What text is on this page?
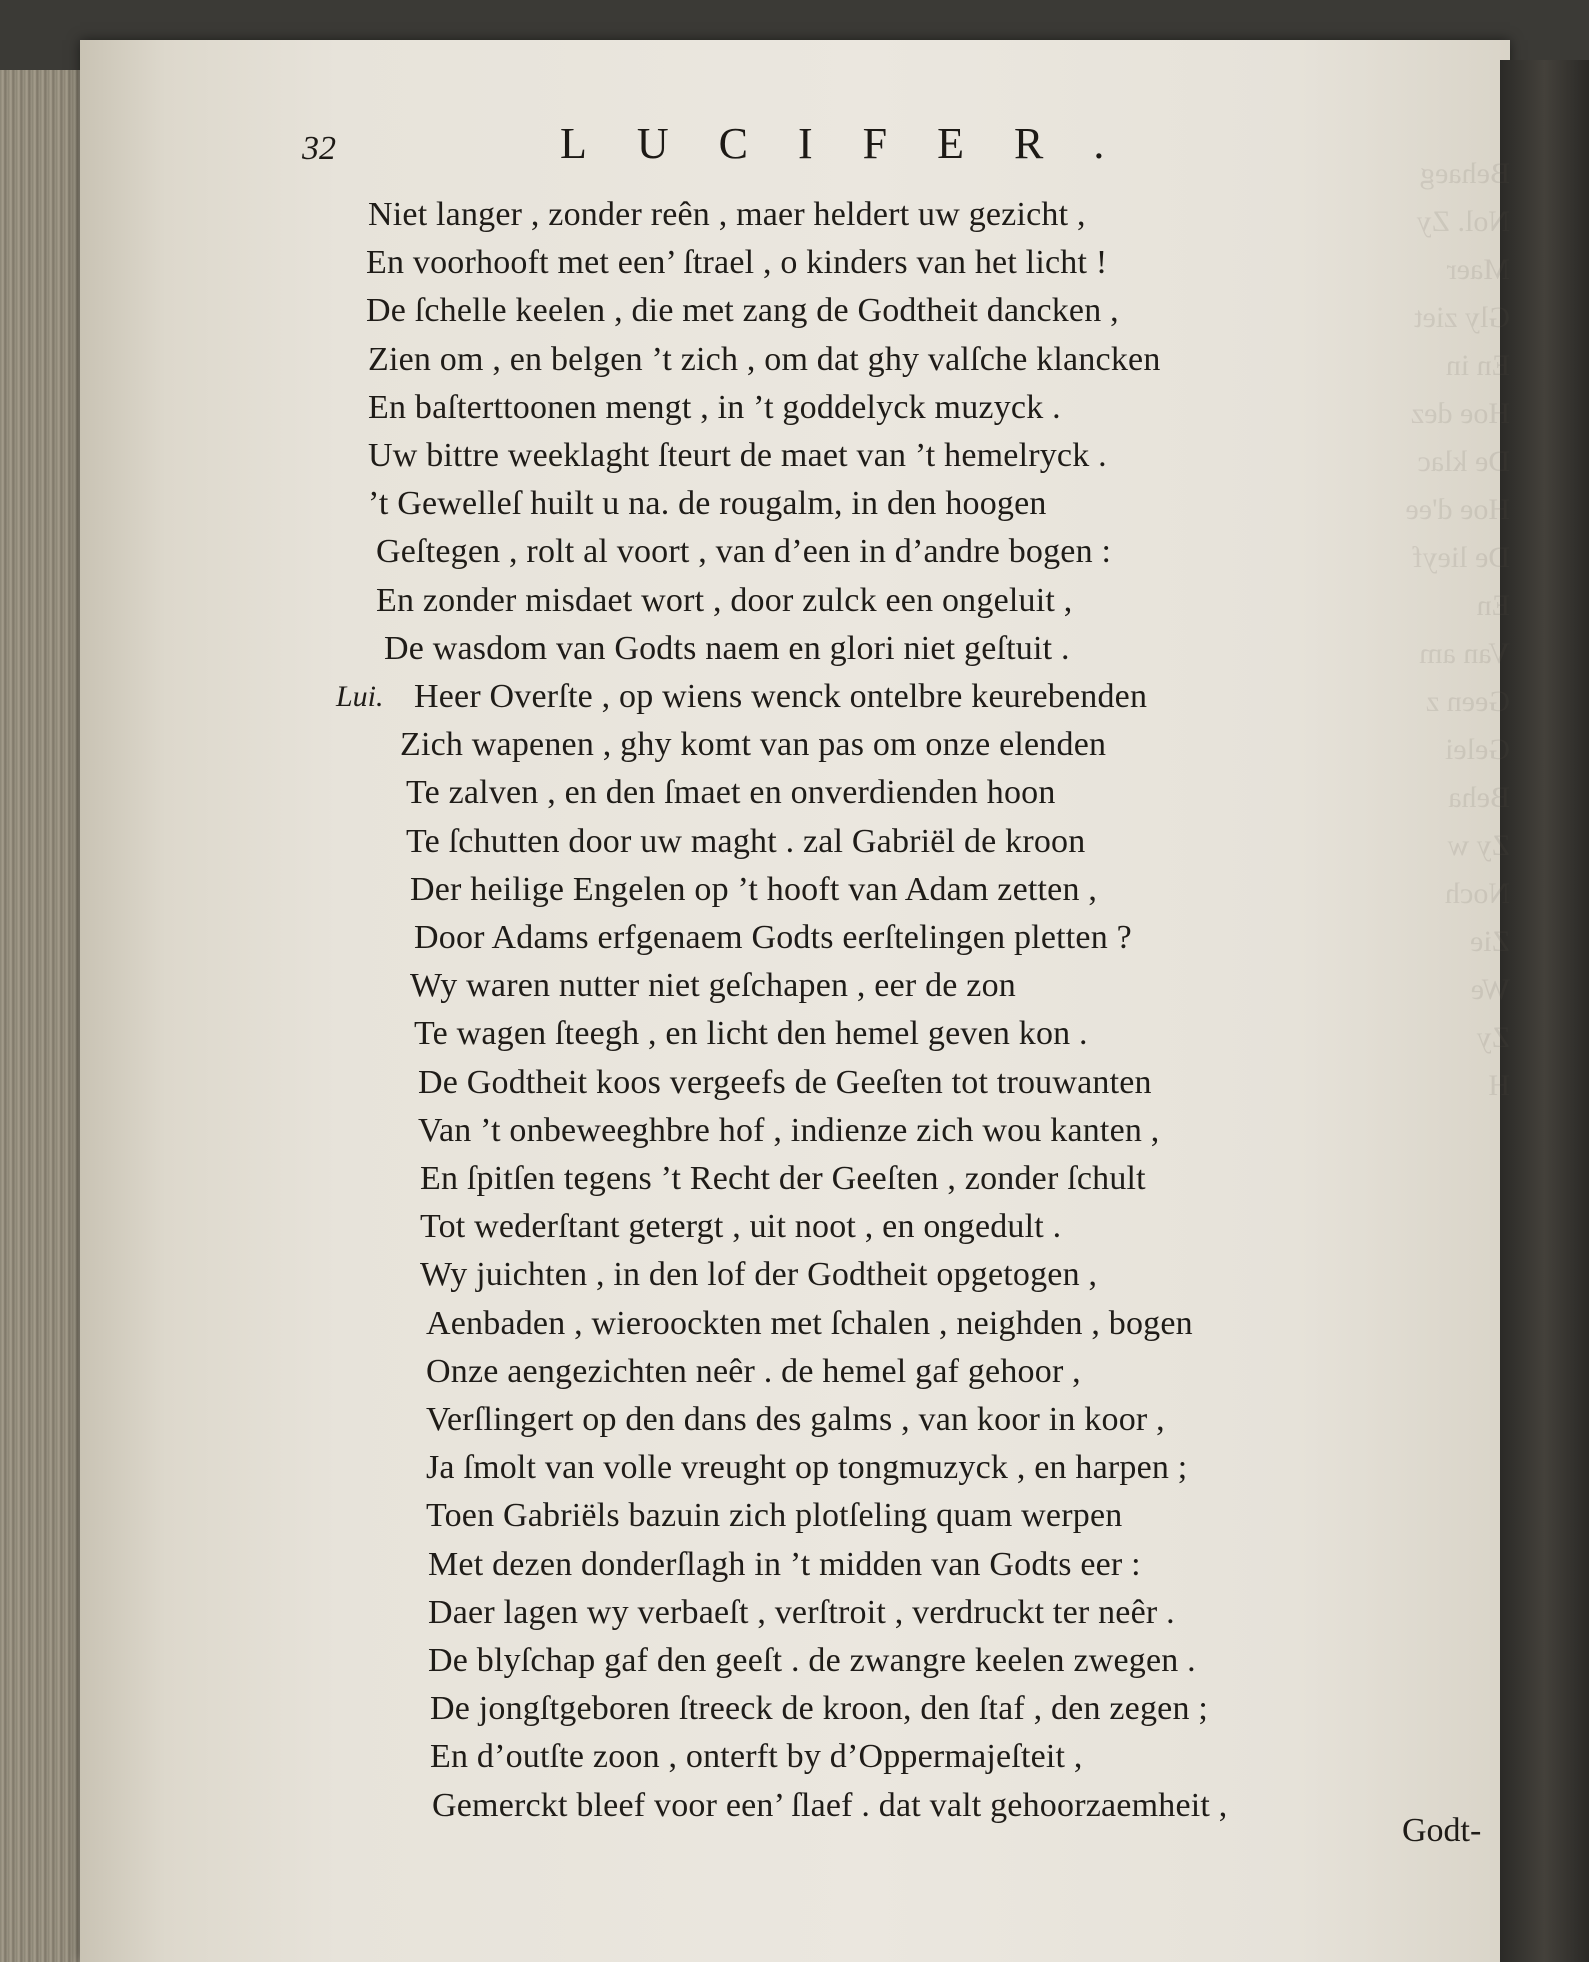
Behaeg
Nol. Zy
Maer
Gly ziet
En in
Hoe dez
De klac
Hoe d'ee
De lieyf
En
Van am
Geen z
Gelei
Beha
Zy w
Noch
Zie
We
Zy
H
32	LUCIFER.
Lui.
Niet langer , zonder reên , maer heldert uw gezicht ,
En voorhooft met een’ ſtrael , o kinders van het licht !
De ſchelle keelen , die met zang de Godtheit dancken ,
Zien om , en belgen ’t zich , om dat ghy valſche klancken
En baſterttoonen mengt , in ’t goddelyck muzyck .
Uw bittre weeklaght ſteurt de maet van ’t hemelryck .
’t Gewelleſ huilt u na. de rougalm, in den hoogen
Geſtegen , rolt al voort , van d’een in d’andre bogen :
En zonder misdaet wort , door zulck een ongeluit ,
De wasdom van Godts naem en glori niet geſtuit .
Heer Overſte , op wiens wenck ontelbre keurebenden
Zich wapenen , ghy komt van pas om onze elenden
Te zalven , en den ſmaet en onverdienden hoon
Te ſchutten door uw maght . zal Gabriël de kroon
Der heilige Engelen op ’t hooft van Adam zetten ,
Door Adams erfgenaem Godts eerſtelingen pletten ?
Wy waren nutter niet geſchapen , eer de zon
Te wagen ſteegh , en licht den hemel geven kon .
De Godtheit koos vergeefs de Geeſten tot trouwanten
Van ’t onbeweeghbre hof , indienze zich wou kanten ,
En ſpitſen tegens ’t Recht der Geeſten , zonder ſchult
Tot wederſtant getergt , uit noot , en ongedult .
Wy juichten , in den lof der Godtheit opgetogen ,
Aenbaden , wieroockten met ſchalen , neighden , bogen
Onze aengezichten neêr . de hemel gaf gehoor ,
Verſlingert op den dans des galms , van koor in koor ,
Ja ſmolt van volle vreught op tongmuzyck , en harpen ;
Toen Gabriëls bazuin zich plotſeling quam werpen
Met dezen donderſlagh in ’t midden van Godts eer :
Daer lagen wy verbaeſt , verſtroit , verdruckt ter neêr .
De blyſchap gaf den geeſt . de zwangre keelen zwegen .
De jongſtgeboren ſtreeck de kroon, den ſtaf , den zegen ;
En d’outſte zoon , onterft by d’Oppermajeſteit ,
Gemerckt bleef voor een’ ſlaef . dat valt gehoorzaemheit ,
Godt-
